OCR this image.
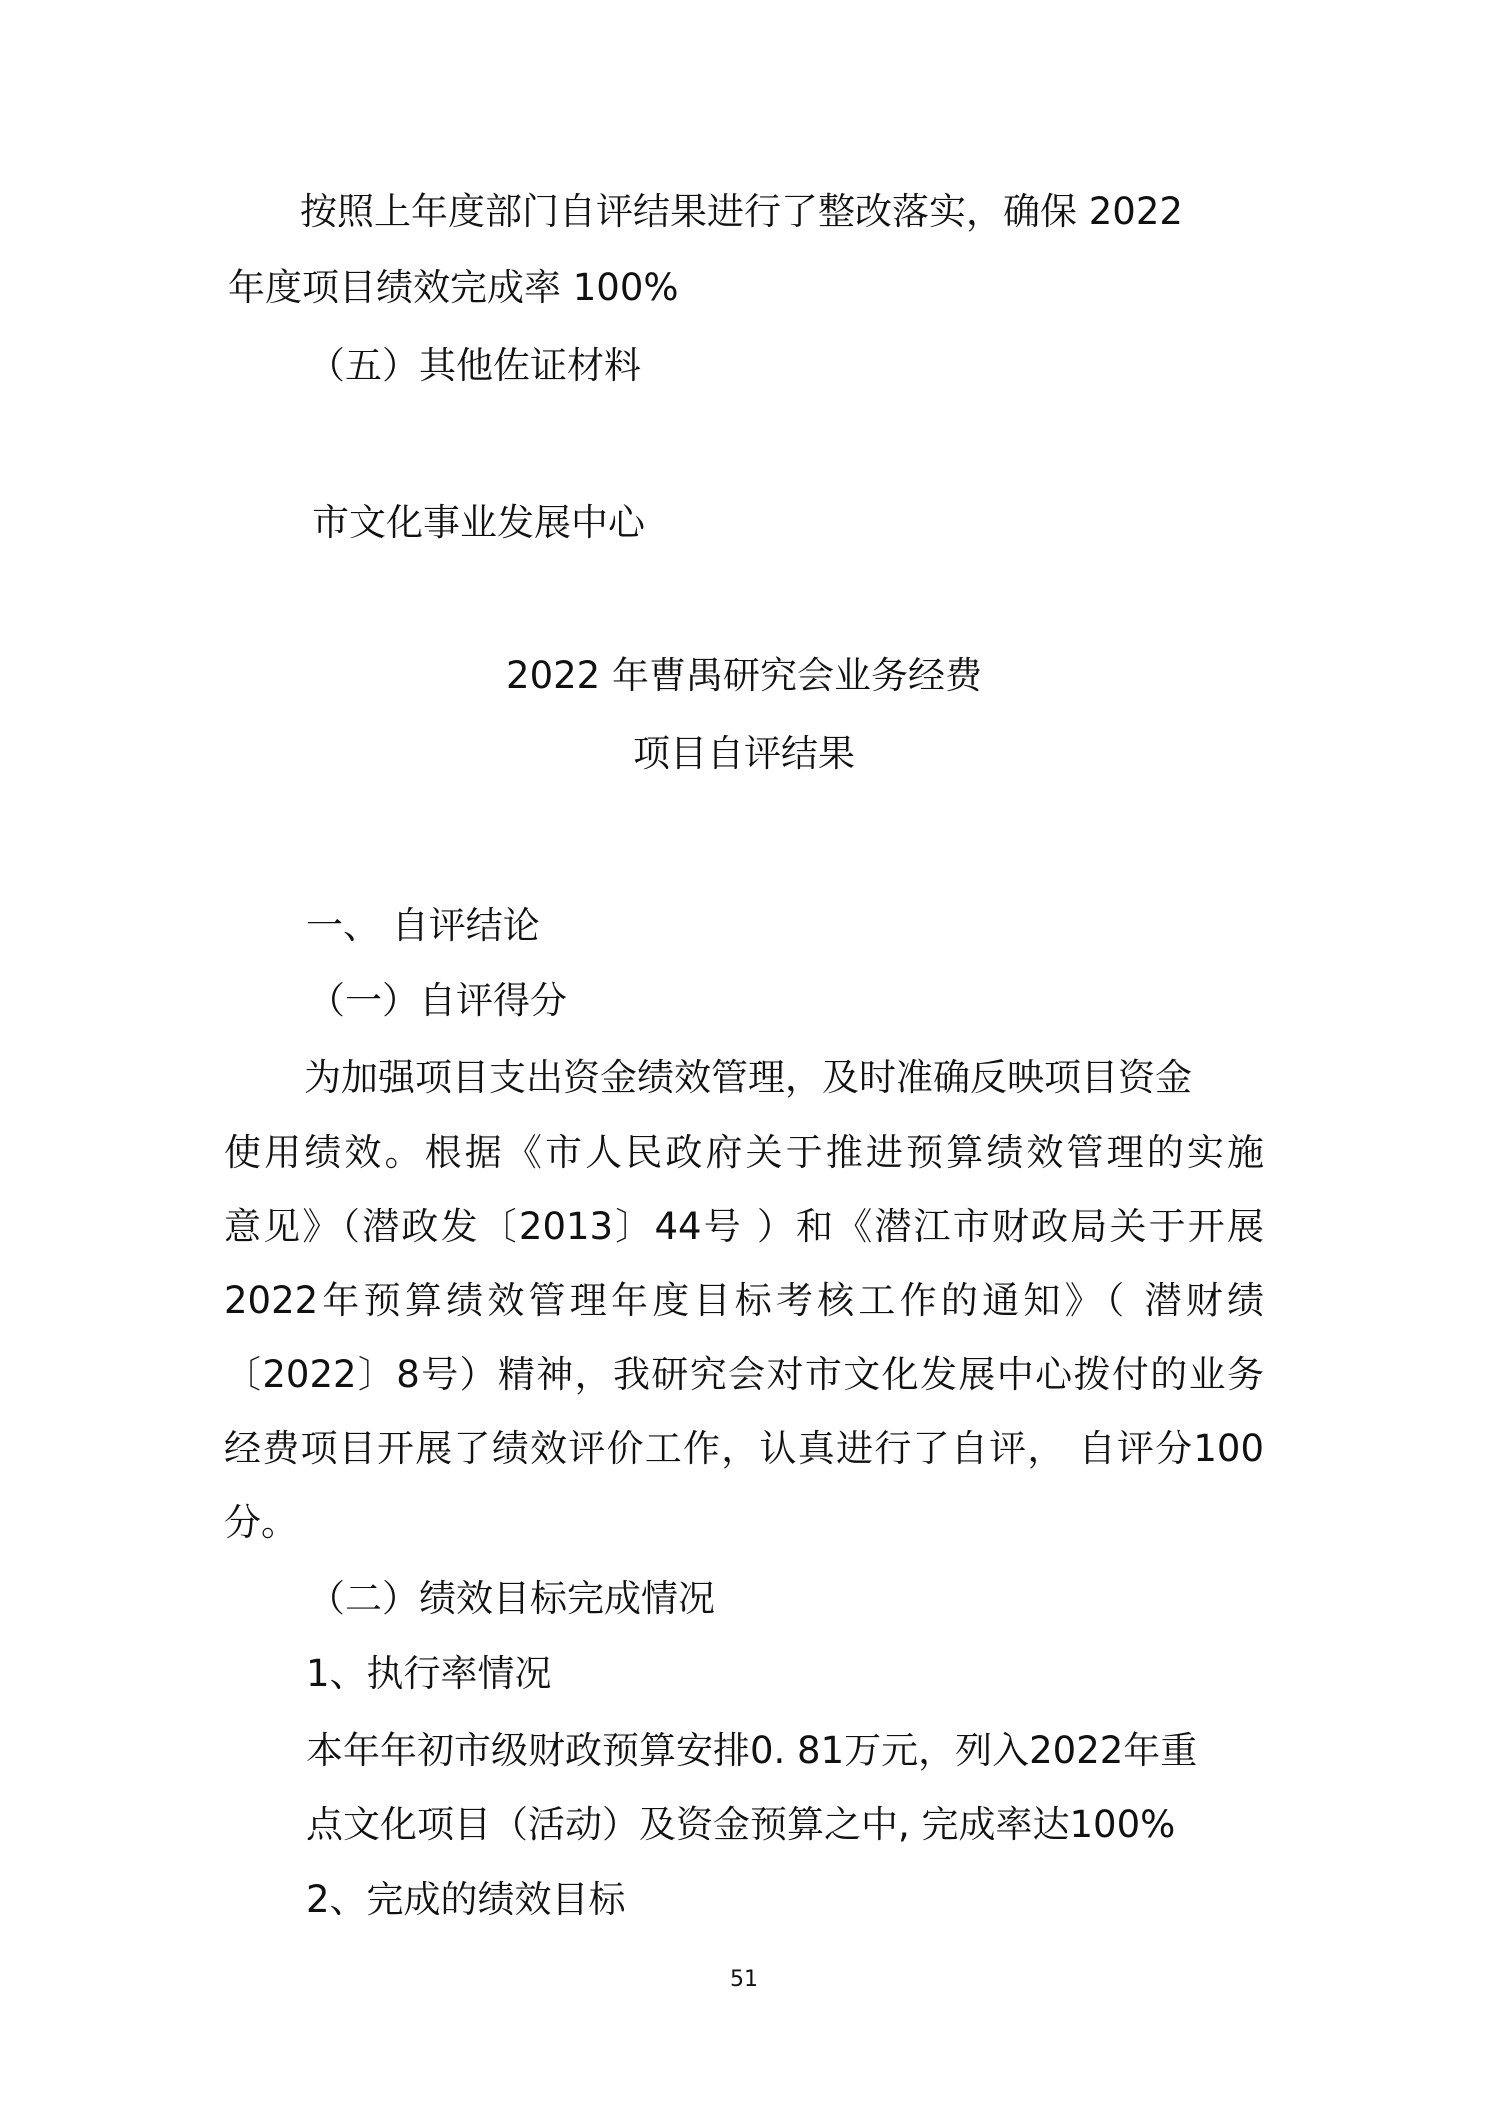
按照上年度部门自评结果进行了整改落实，确保 2022

年度项目绩效完成率 100%

（五）其他佐证材料

市文化事业发展中心

2022 年曹禺研究会业务经费

项目自评结果

一、 自评结论

（一）自评得分

为加强项目支出资金绩效管理，及时准确反映项目资金

使用绩效。根据《市人民政府关于推进预算绩效管理的实施

意见》（潜政发〔2013〕44号 ）和《潜江市财政局关于开展

2022年预算绩效管理年度目标考核工作的通知》（ 潜财绩

〔2022〕8号）精神，我研究会对市文化发展中心拨付的业务

经费项目开展了绩效评价工作，认真进行了自评， 自评分100

分。

（二）绩效目标完成情况

1、执行率情况

本年年初市级财政预算安排0. 81万元，列入2022年重

点文化项目（活动）及资金预算之中, 完成率达100%

2、完成的绩效目标

51
